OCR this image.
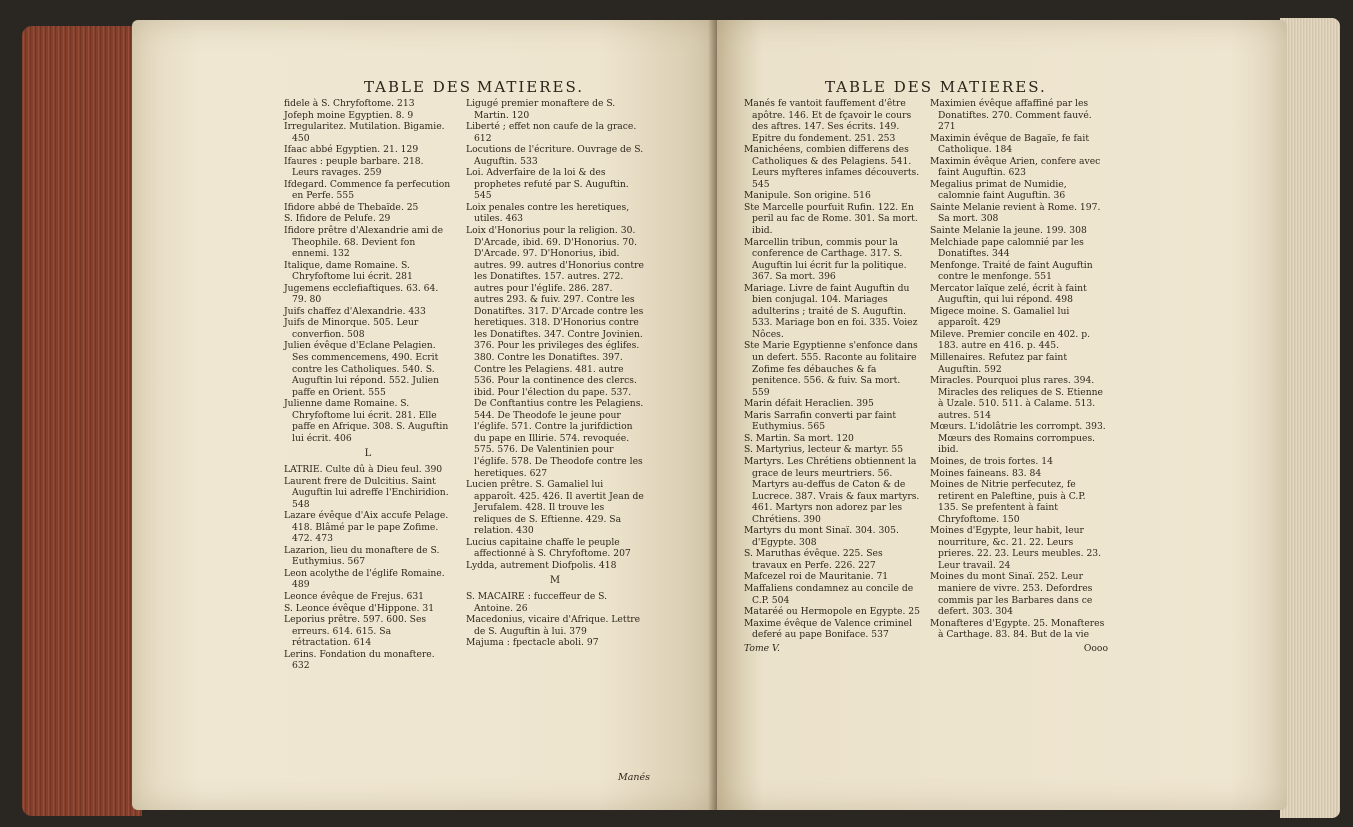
TABLE DES MATIERES.

fidele à S. Chryfoftome. 213

Jofeph moine Egyptien. 8. 9

Irregularitez. Mutilation. Bigamie. 450

Ifaac abbé Egyptien. 21. 129

Ifaures : peuple barbare. 218. Leurs ravages. 259

Ifdegard. Commence fa perfecution en Perfe. 555

Ifidore abbé de Thebaïde. 25

S. Ifidore de Pelufe. 29

Ifidore prêtre d'Alexandrie ami de Theophile. 68. Devient fon ennemi. 132

Italique, dame Romaine. S. Chryfoftome lui écrit. 281

Jugemens ecclefiaftiques. 63. 64. 79. 80

Juifs chaffez d'Alexandrie. 433

Juifs de Minorque. 505. Leur converfion. 508

Julien évêque d'Eclane Pelagien. Ses commencemens, 490. Ecrit contre les Catholiques. 540. S. Auguftin lui répond. 552. Julien paffe en Orient. 555

Julienne dame Romaine. S. Chryfoftome lui écrit. 281. Elle paffe en Afrique. 308. S. Auguftin lui écrit. 406

L

LATRIE. Culte dû à Dieu feul. 390

Laurent frere de Dulcitius. Saint Auguftin lui adreffe l'Enchiridion. 548

Lazare évêque d'Aix accufe Pelage. 418. Blâmé par le pape Zofime. 472. 473

Lazarion, lieu du monaftere de S. Euthymius. 567

Leon acolythe de l'églife Romaine. 489

Leonce évêque de Frejus. 631

S. Leonce évêque d'Hippone. 31

Leporius prêtre. 597. 600. Ses erreurs. 614. 615. Sa rétractation. 614

Lerins. Fondation du monaftere. 632

Ligugé premier monaftere de S. Martin. 120

Liberté ; effet non caufe de la grace. 612

Locutions de l'écriture. Ouvrage de S. Auguftin. 533

Loi. Adverfaire de la loi & des prophetes refuté par S. Auguftin. 545

Loix penales contre les heretiques, utiles. 463

Loix d'Honorius pour la religion. 30. D'Arcade, ibid. 69. D'Honorius. 70. D'Arcade. 97. D'Honorius, ibid. autres. 99. autres d'Honorius contre les Donatiftes. 157. autres. 272. autres pour l'églife. 286. 287. autres 293. & fuiv. 297. Contre les Donatiftes. 317. D'Arcade contre les heretiques. 318. D'Honorius contre les Donatiftes. 347. Contre Jovinien. 376. Pour les privileges des églifes. 380. Contre les Donatiftes. 397. Contre les Pelagiens. 481. autre 536. Pour la continence des clercs. ibid. Pour l'élection du pape. 537. De Conftantius contre les Pelagiens. 544. De Theodofe le jeune pour l'églife. 571. Contre la jurifdiction du pape en Illirie. 574. revoquée. 575. 576. De Valentinien pour l'églife. 578. De Theodofe contre les heretiques. 627

Lucien prêtre. S. Gamaliel lui apparoît. 425. 426. Il avertit Jean de Jerufalem. 428. Il trouve les reliques de S. Eftienne. 429. Sa relation. 430

Lucius capitaine chaffe le peuple affectionné à S. Chryfoftome. 207

Lydda, autrement Diofpolis. 418

M

S. MACAIRE : fucceffeur de S. Antoine. 26

Macedonius, vicaire d'Afrique. Lettre de S. Auguftin à lui. 379

Majuma : fpectacle aboli. 97

Manés
TABLE DES MATIERES.

Manés fe vantoit fauffement d'être apôtre. 146. Et de fçavoir le cours des aftres. 147. Ses écrits. 149. Epitre du fondement. 251. 253

Manichéens, combien differens des Catholiques & des Pelagiens. 541. Leurs myfteres infames découverts. 545

Manipule. Son origine. 516

Ste Marcelle pourfuit Rufin. 122. En peril au fac de Rome. 301. Sa mort. ibid.

Marcellin tribun, commis pour la conference de Carthage. 317. S. Auguftin lui écrit fur la politique. 367. Sa mort. 396

Mariage. Livre de faint Auguftin du bien conjugal. 104. Mariages adulterins ; traité de S. Auguftin. 533. Mariage bon en foi. 335. Voiez Nôces.

Ste Marie Egyptienne s'enfonce dans un defert. 555. Raconte au folitaire Zofime fes débauches & fa penitence. 556. & fuiv. Sa mort. 559

Marin défait Heraclien. 395

Maris Sarrafin converti par faint Euthymius. 565

S. Martin. Sa mort. 120

S. Martyrius, lecteur & martyr. 55

Martyrs. Les Chrétiens obtiennent la grace de leurs meurtriers. 56. Martyrs au-deffus de Caton & de Lucrece. 387. Vrais & faux martyrs. 461. Martyrs non adorez par les Chrétiens. 390

Martyrs du mont Sinaï. 304. 305. d'Egypte. 308

S. Maruthas évêque. 225. Ses travaux en Perfe. 226. 227

Mafcezel roi de Mauritanie. 71

Maffaliens condamnez au concile de C.P. 504

Mataréé ou Hermopole en Egypte. 25

Maxime évêque de Valence criminel deferé au pape Boniface. 537

Tome V.

Maximien évêque affaffiné par les Donatiftes. 270. Comment fauvé. 271

Maximin évêque de Bagaïe, fe fait Catholique. 184

Maximin évêque Arien, confere avec faint Auguftin. 623

Megalius primat de Numidie, calomnie faint Auguftin. 36

Sainte Melanie revient à Rome. 197. Sa mort. 308

Sainte Melanie la jeune. 199. 308

Melchiade pape calomnié par les Donatiftes. 344

Menfonge. Traité de faint Auguftin contre le menfonge. 551

Mercator laïque zelé, écrit à faint Auguftin, qui lui répond. 498

Migece moine. S. Gamaliel lui apparoît. 429

Mileve. Premier concile en 402. p. 183. autre en 416. p. 445.

Millenaires. Refutez par faint Auguftin. 592

Miracles. Pourquoi plus rares. 394. Miracles des reliques de S. Etienne à Uzale. 510. 511. à Calame. 513. autres. 514

Mœurs. L'idolâtrie les corrompt. 393. Mœurs des Romains corrompues. ibid.

Moines, de trois fortes. 14

Moines faineans. 83. 84

Moines de Nitrie perfecutez, fe retirent en Paleftine, puis à C.P. 135. Se prefentent à faint Chryfoftome. 150

Moines d'Egypte, leur habit, leur nourriture, &c. 21. 22. Leurs prieres. 22. 23. Leurs meubles. 23. Leur travail. 24

Moines du mont Sinaï. 252. Leur maniere de vivre. 253. Defordres commis par les Barbares dans ce defert. 303. 304

Monafteres d'Egypte. 25. Monafteres à Carthage. 83. 84. But de la vie

Oooo
